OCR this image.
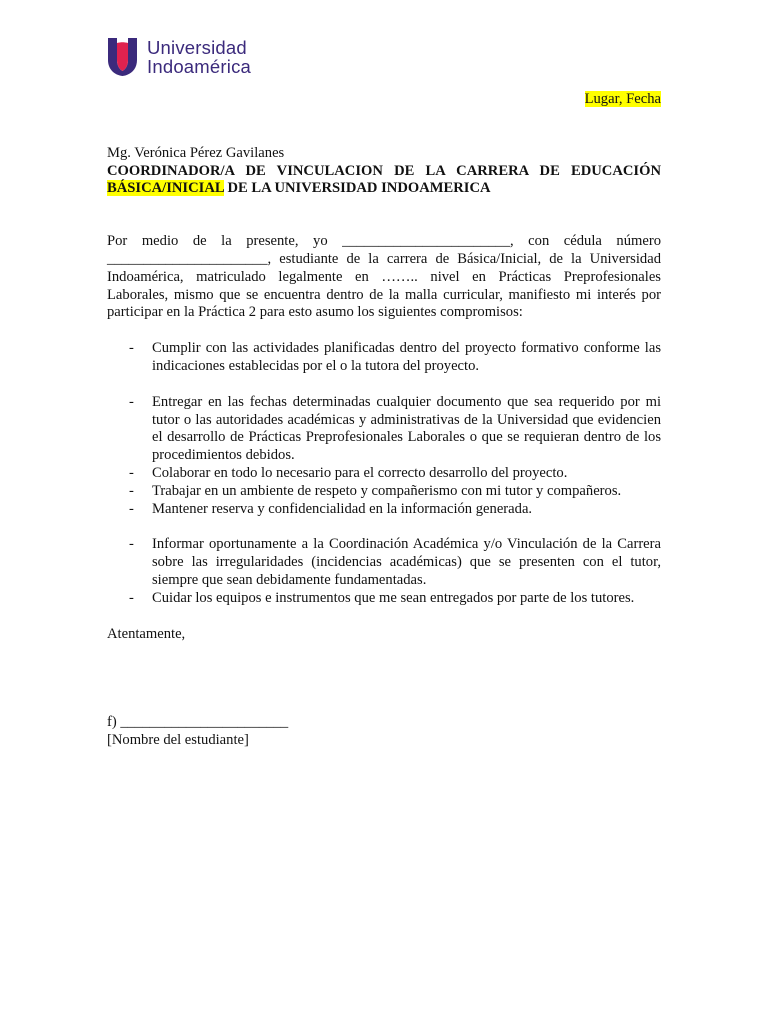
Universidad
Indoamérica
Lugar, Fecha
Mg. Verónica Pérez Gavilanes
COORDINADOR/A DE VINCULACION DE LA CARRERA DE EDUCACIÓN
BÁSICA/INICIAL DE LA UNIVERSIDAD INDOAMERICA
Por medio de la presente, yo _______________________, con cédula número
______________________, estudiante de la carrera de Básica/Inicial, de la Universidad
Indoamérica, matriculado legalmente en …….. nivel en Prácticas Preprofesionales
Laborales, mismo que se encuentra dentro de la malla curricular, manifiesto mi interés por
participar en la Práctica 2 para esto asumo los siguientes compromisos:
- Cumplir con las actividades planificadas dentro del proyecto formativo conforme las indicaciones establecidas por el o la tutora del proyecto.
- Entregar en las fechas determinadas cualquier documento que sea requerido por mi tutor o las autoridades académicas y administrativas de la Universidad que evidencien el desarrollo de Prácticas Preprofesionales Laborales o que se requieran dentro de los procedimientos debidos.
- Colaborar en todo lo necesario para el correcto desarrollo del proyecto.
- Trabajar en un ambiente de respeto y compañerismo con mi tutor y compañeros.
- Mantener reserva y confidencialidad en la información generada.
- Informar oportunamente a la Coordinación Académica y/o Vinculación de la Carrera sobre las irregularidades (incidencias académicas) que se presenten con el tutor, siempre que sean debidamente fundamentadas.
- Cuidar los equipos e instrumentos que me sean entregados por parte de los tutores.
Atentamente,
f) _______________________
[Nombre del estudiante]
